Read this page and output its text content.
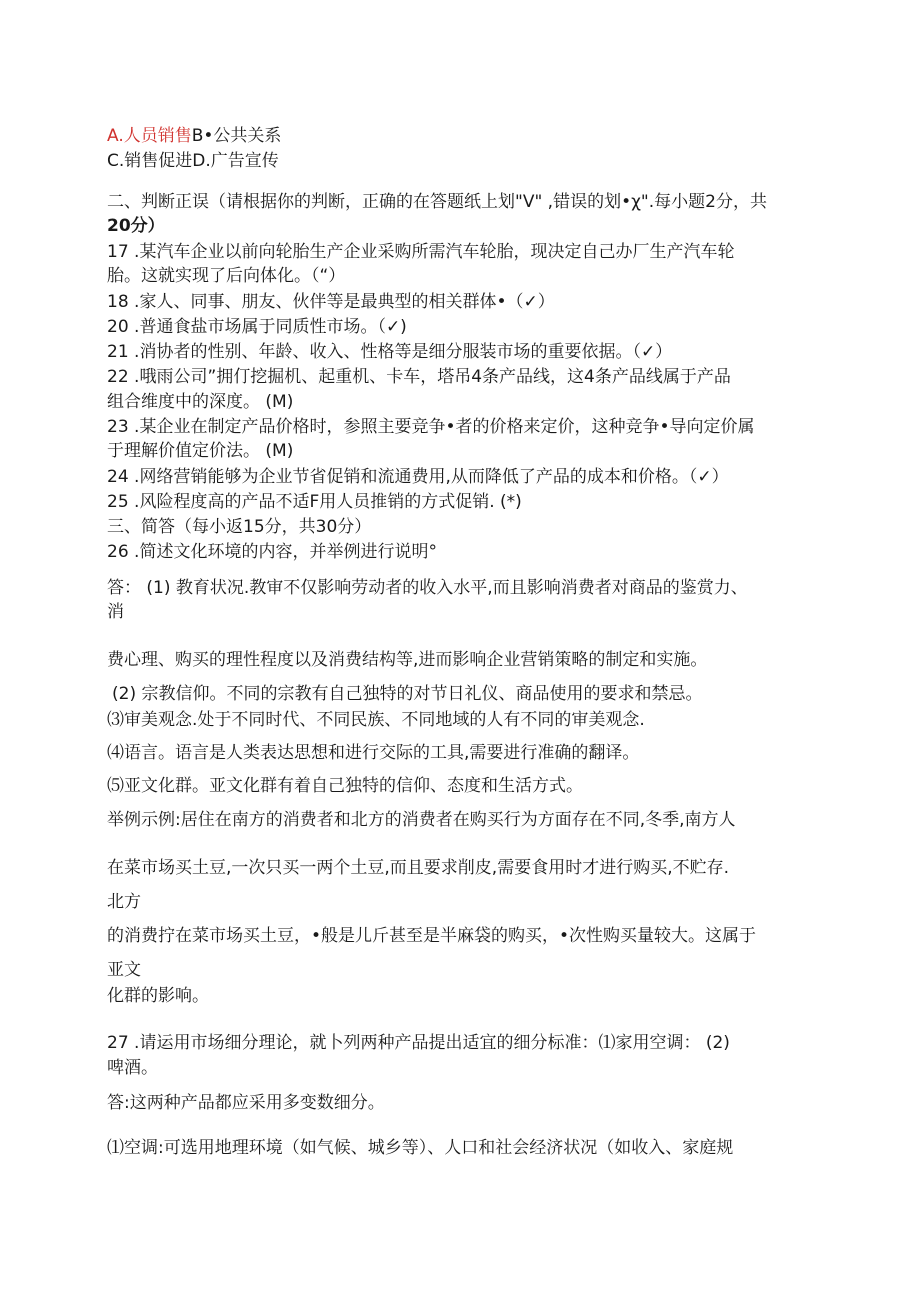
A.人员销售B•公共关系
C.销售促进D.广告宣传
二、判断正误（请根据你的判断，正确的在答题纸上划"V" ,错误的划•χ".每小题2分，共
20分）
17 .某汽车企业以前向轮胎生产企业采购所需汽车轮胎，现决定自己办厂生产汽车轮
胎。这就实现了后向体化。（“）
18 .家人、同事、朋友、伙伴等是最典型的相关群体•（✓）
20 .普通食盐市场属于同质性市场。（✓)
21 .消协者的性别、年龄、收入、性格等是细分服装市场的重要依据。（✓）
22 .哦雨公司”拥仃挖掘机、起重机、卡车，塔吊4条产品线，这4条产品线属于产品
组合维度中的深度。 (M)
23 .某企业在制定产品价格时，参照主要竞争•者的价格来定价，这种竞争•导向定价属
于理解价值定价法。 (M)
24 .网络营销能够为企业节省促销和流通费用,从而降低了产品的成本和价格。（✓）
25 .风险程度高的产品不适F用人员推销的方式促销. (*)
三、简答（每小返15分，共30分）
26 .简述文化环境的内容，并举例进行说明°
答： (1) 教育状况.教审不仅影响劳动者的收入水平,而且影响消费者对商品的鉴赏力、
消
费心理、购买的理性程度以及消费结构等,进而影响企业营销策略的制定和实施。
(2) 宗教信仰。不同的宗教有自己独特的对节日礼仪、商品使用的要求和禁忌。
⑶审美观念.处于不同时代、不同民族、不同地域的人有不同的审美观念.
⑷语言。语言是人类表达思想和进行交际的工具,需要进行准确的翻译。
⑸亚文化群。亚文化群有着自己独特的信仰、态度和生活方式。
举例示例:居住在南方的消费者和北方的消费者在购买行为方面存在不同,冬季,南方人
在菜市场买土豆,一次只买一两个土豆,而且要求削皮,需要食用时才进行购买,不贮存.
北方
的消费拧在菜市场买土豆，•般是儿斤甚至是半麻袋的购买，•次性购买量较大。这属于
亚文
化群的影响。
27 .请运用市场细分理论，就卜列两种产品提出适宜的细分标准：⑴家用空调： (2)
啤酒。
答:这两种产品都应采用多变数细分。
⑴空调:可选用地理环境（如气候、城乡等）、人口和社会经济状况（如收入、家庭规
